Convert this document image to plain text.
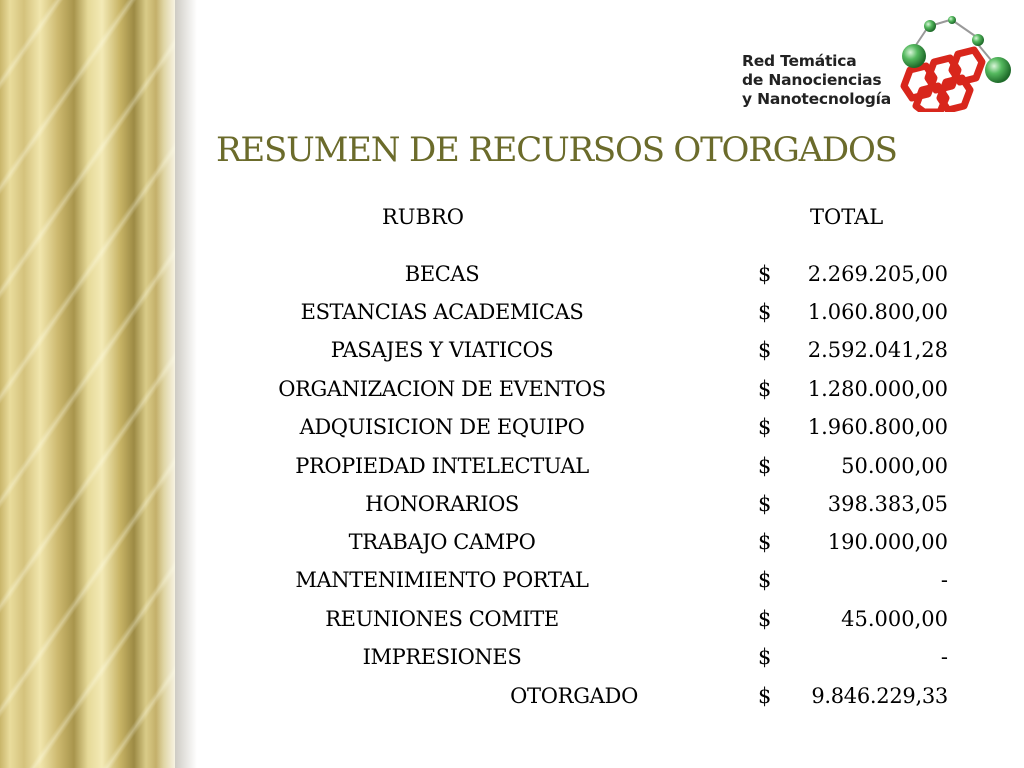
Red Temática
de Nanociencias
y Nanotecnología
RESUMEN DE RECURSOS OTORGADOS
RUBRO	TOTAL
BECAS	$	2.269.205,00
ESTANCIAS ACADEMICAS	$	1.060.800,00
PASAJES Y VIATICOS	$	2.592.041,28
ORGANIZACION DE EVENTOS	$	1.280.000,00
ADQUISICION DE EQUIPO	$	1.960.800,00
PROPIEDAD INTELECTUAL	$	50.000,00
HONORARIOS	$	398.383,05
TRABAJO CAMPO	$	190.000,00
MANTENIMIENTO PORTAL	$	-
REUNIONES COMITE	$	45.000,00
IMPRESIONES	$	-
OTORGADO	$	9.846.229,33
